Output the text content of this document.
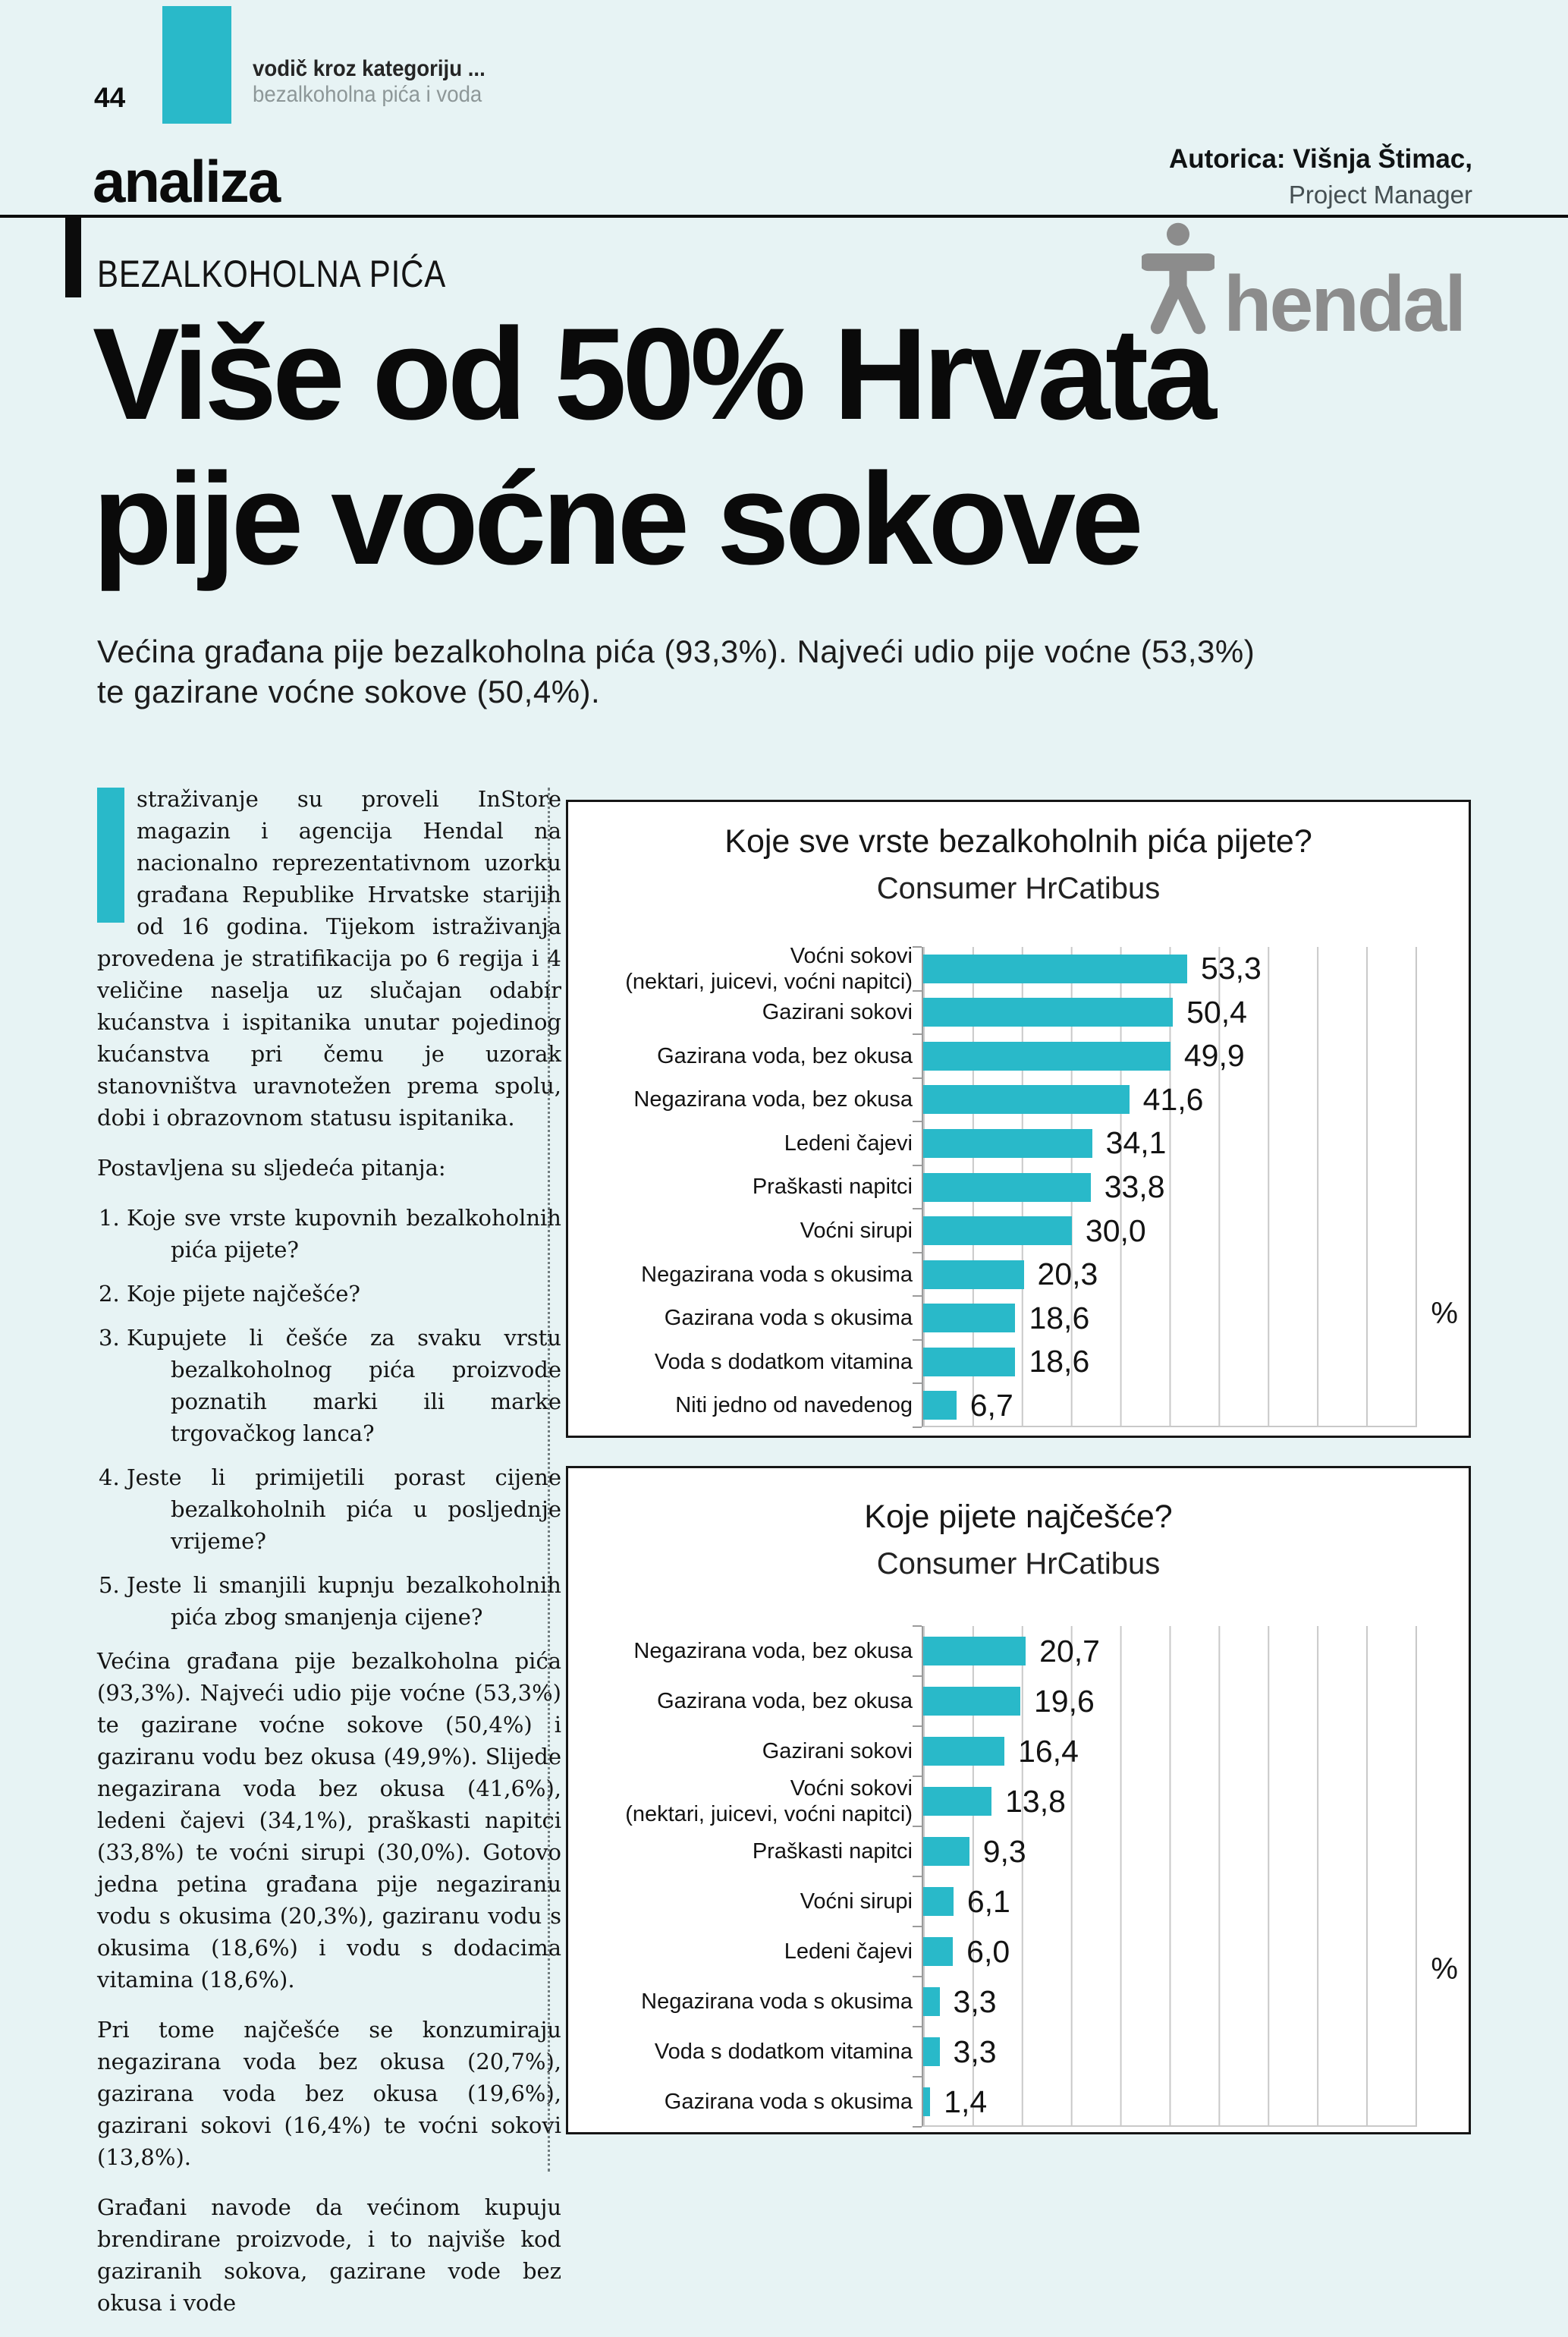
44
vodič kroz kategoriju ...
bezalkoholna pića i voda
analiza	Autorica: Višnja Štimac,
Project Manager
BEZALKOHOLNA PIĆA	hendal
Više od 50% Hrvata
pije voćne sokove
Većina građana pije bezalkoholna pića (93,3%). Najveći udio pije voćne (53,3%)
te gazirane voćne sokove (50,4%).

straživanje su proveli InStore magazin i agencija Hendal na nacionalno reprezentativnom uzorku građana Republike Hrvatske starijih od 16 godina. Tijekom istraživanja provedena je stratifikacija po 6 regija i 4 veličine naselja uz slučajan odabir kućanstva i ispitanika unutar pojedinog kućanstva pri čemu je uzorak stanovništva uravnotežen prema spolu, dobi i obrazovnom statusu ispitanika.

Postavljena su sljedeća pitanja:

1. Koje sve vrste kupovnih bezalkoholnih pića pijete?
2. Koje pijete najčešće?
3. Kupujete li češće za svaku vrstu bezalkoholnog pića proizvode poznatih marki ili marke trgovačkog lanca?
4. Jeste li primijetili porast cijene bezalkoholnih pića u posljednje vrijeme?
5. Jeste li smanjili kupnju bezalkoholnih pića zbog smanjenja cijene?

Većina građana pije bezalkoholna pića (93,3%). Najveći udio pije voćne (53,3%) te gazirane voćne sokove (50,4%) i gaziranu vodu bez okusa (49,9%). Slijede negazirana voda bez okusa (41,6%), ledeni čajevi (34,1%), praškasti napitci (33,8%) te voćni sirupi (30,0%). Gotovo jedna petina građana pije negaziranu vodu s okusima (20,3%), gaziranu vodu s okusima (18,6%) i vodu s dodacima vitamina (18,6%).

Pri tome najčešće se konzumiraju negazirana voda bez okusa (20,7%), gazirana voda bez okusa (19,6%), gazirani sokovi (16,4%) te voćni sokovi (13,8%).

Građani navode da većinom kupuju brendirane proizvode, i to najviše kod gaziranih sokova, gazirane vode bez okusa i vode

Koje sve vrste bezalkoholnih pića pijete?
Consumer HrCatibus
53,3
50,4
49,9
41,6
34,1
33,8
30,0
20,3
18,6
18,6
6,7
%
Voćni sokovi
(nektari, juicevi, voćni napitci)
Gazirani sokovi
Gazirana voda, bez okusa
Negazirana voda, bez okusa
Ledeni čajevi
Praškasti napitci
Voćni sirupi
Negazirana voda s okusima
Gazirana voda s okusima
Voda s dodatkom vitamina
Niti jedno od navedenog
Koje pijete najčešće?
Consumer HrCatibus
20,7
19,6
16,4
13,8
9,3
6,1
6,0
3,3
3,3
1,4
%
Negazirana voda, bez okusa
Gazirana voda, bez okusa
Gazirani sokovi
Voćni sokovi
(nektari, juicevi, voćni napitci)
Praškasti napitci
Voćni sirupi
Ledeni čajevi
Negazirana voda s okusima
Voda s dodatkom vitamina
Gazirana voda s okusima
